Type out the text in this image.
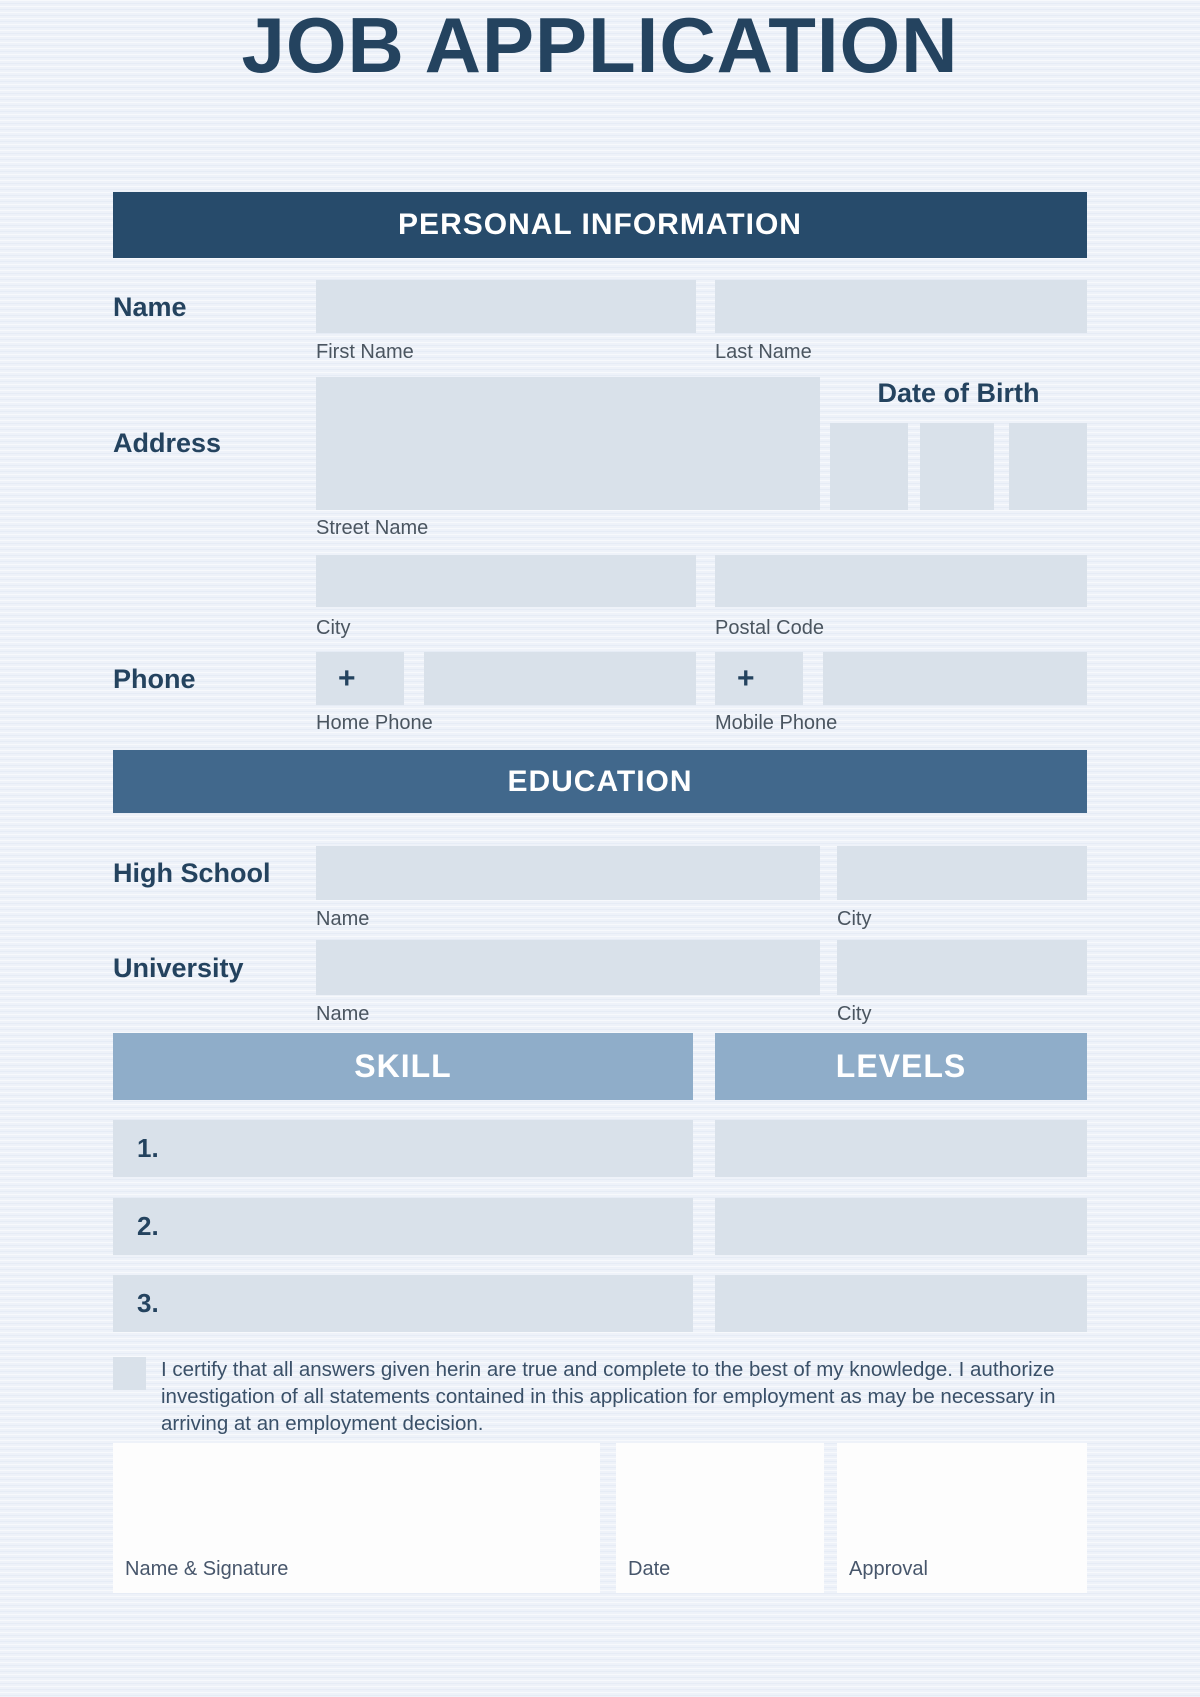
JOB APPLICATION
PERSONAL INFORMATION
Name
First Name	Last Name
Address
Date of Birth
Street Name
City	Postal Code
Phone	+	+
Home Phone	Mobile Phone
EDUCATION
High School
Name	City
University
Name	City
SKILL	LEVELS
1.
2.
3.
I certify that all answers given herin are true and complete to the best of my knowledge. I authorize investigation of all statements contained in this application for employment as may be necessary in arriving at an employment decision.
Name & Signature	Date	Approval
